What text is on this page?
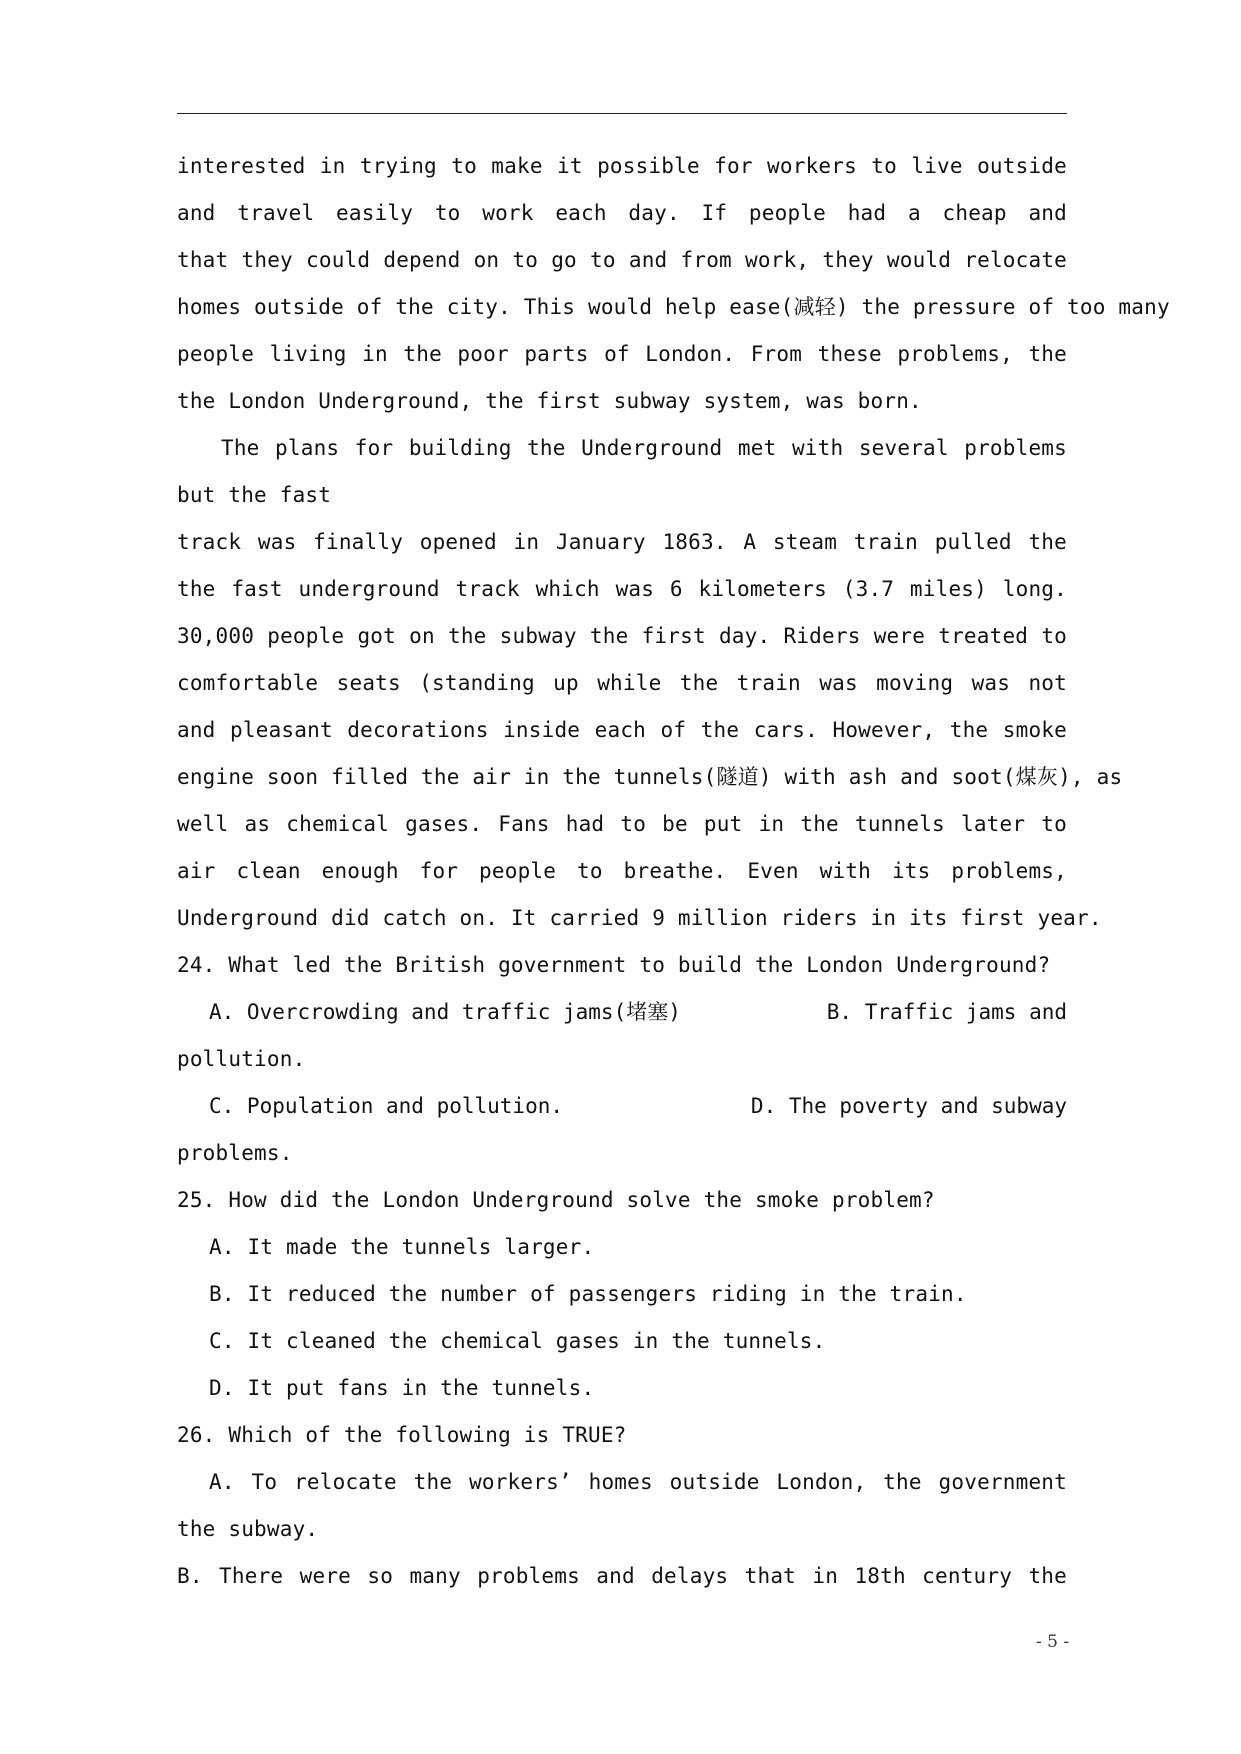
interested in trying to make it possible for workers to live outside
and travel easily to work each day. If people had a cheap and
that they could depend on to go to and from work, they would relocate
homes outside of the city. This would help ease(减轻) the pressure of too many
people living in the poor parts of London. From these problems, the
the London Underground, the first subway system, was born.
The plans for building the Underground met with several problems
but the fast
track was finally opened in January 1863. A steam train pulled the
the fast underground track which was 6 kilometers (3.7 miles) long.
30,000 people got on the subway the first day. Riders were treated to
comfortable seats (standing up while the train was moving was not
and pleasant decorations inside each of the cars. However, the smoke
engine soon filled the air in the tunnels(隧道) with ash and soot(煤灰), as
well as chemical gases. Fans had to be put in the tunnels later to
air clean enough for people to breathe. Even with its problems,
Underground did catch on. It carried 9 million riders in its first year.
24. What led the British government to build the London Underground?
A. Overcrowding and traffic jams(堵塞)	B. Traffic jams and
pollution.
C. Population and pollution.	D. The poverty and subway
problems.
25. How did the London Underground solve the smoke problem?
A. It made the tunnels larger.
B. It reduced the number of passengers riding in the train.
C. It cleaned the chemical gases in the tunnels.
D. It put fans in the tunnels.
26. Which of the following is TRUE?
A. To relocate the workers’ homes outside London, the government
the subway.
B. There were so many problems and delays that in 18th century the
- 5 -
